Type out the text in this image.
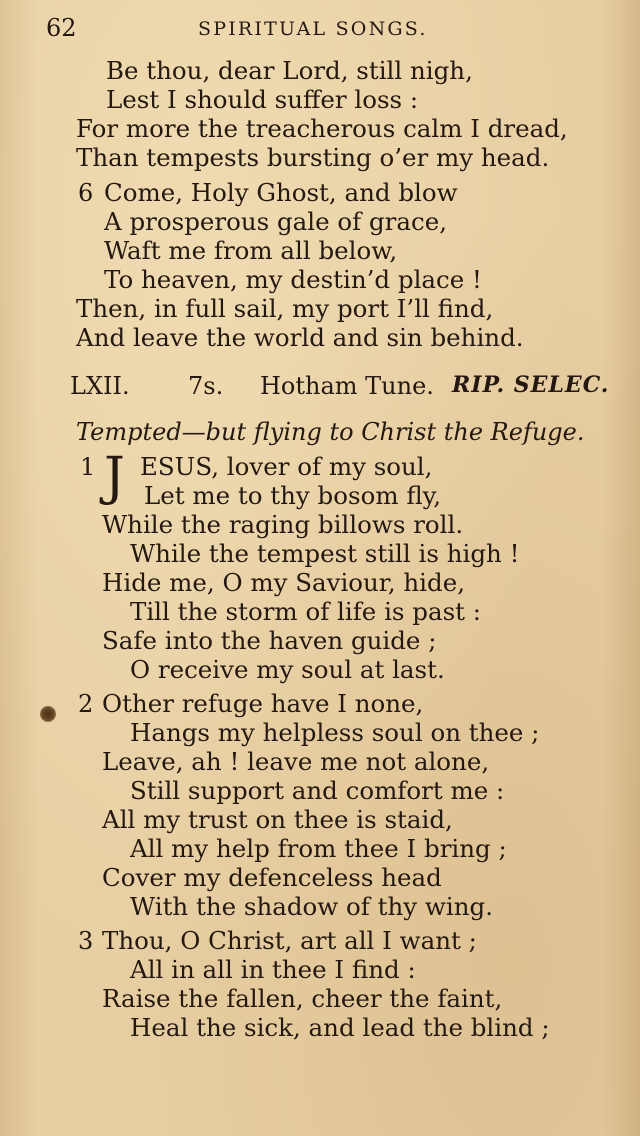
62	SPIRITUAL SONGS.
Be thou, dear Lord, still nigh,
Lest I should suffer loss :
For more the treacherous calm I dread,
Than tempests bursting o’er my head.
6 Come, Holy Ghost, and blow
A prosperous gale of grace,
Waft me from all below,
To heaven, my destin’d place !
Then, in full sail, my port I’ll find,
And leave the world and sin behind.
LXII. 7s. Hotham Tune. RIP. SELEC.
Tempted—but flying to Christ the Refuge.
1 J ESUS, lover of my soul,
Let me to thy bosom fly,
While the raging billows roll.
While the tempest still is high !
Hide me, O my Saviour, hide,
Till the storm of life is past :
Safe into the haven guide ;
O receive my soul at last.
2 Other refuge have I none,
Hangs my helpless soul on thee ;
Leave, ah ! leave me not alone,
Still support and comfort me :
All my trust on thee is staid,
All my help from thee I bring ;
Cover my defenceless head
With the shadow of thy wing.
3 Thou, O Christ, art all I want ;
All in all in thee I find :
Raise the fallen, cheer the faint,
Heal the sick, and lead the blind ;
